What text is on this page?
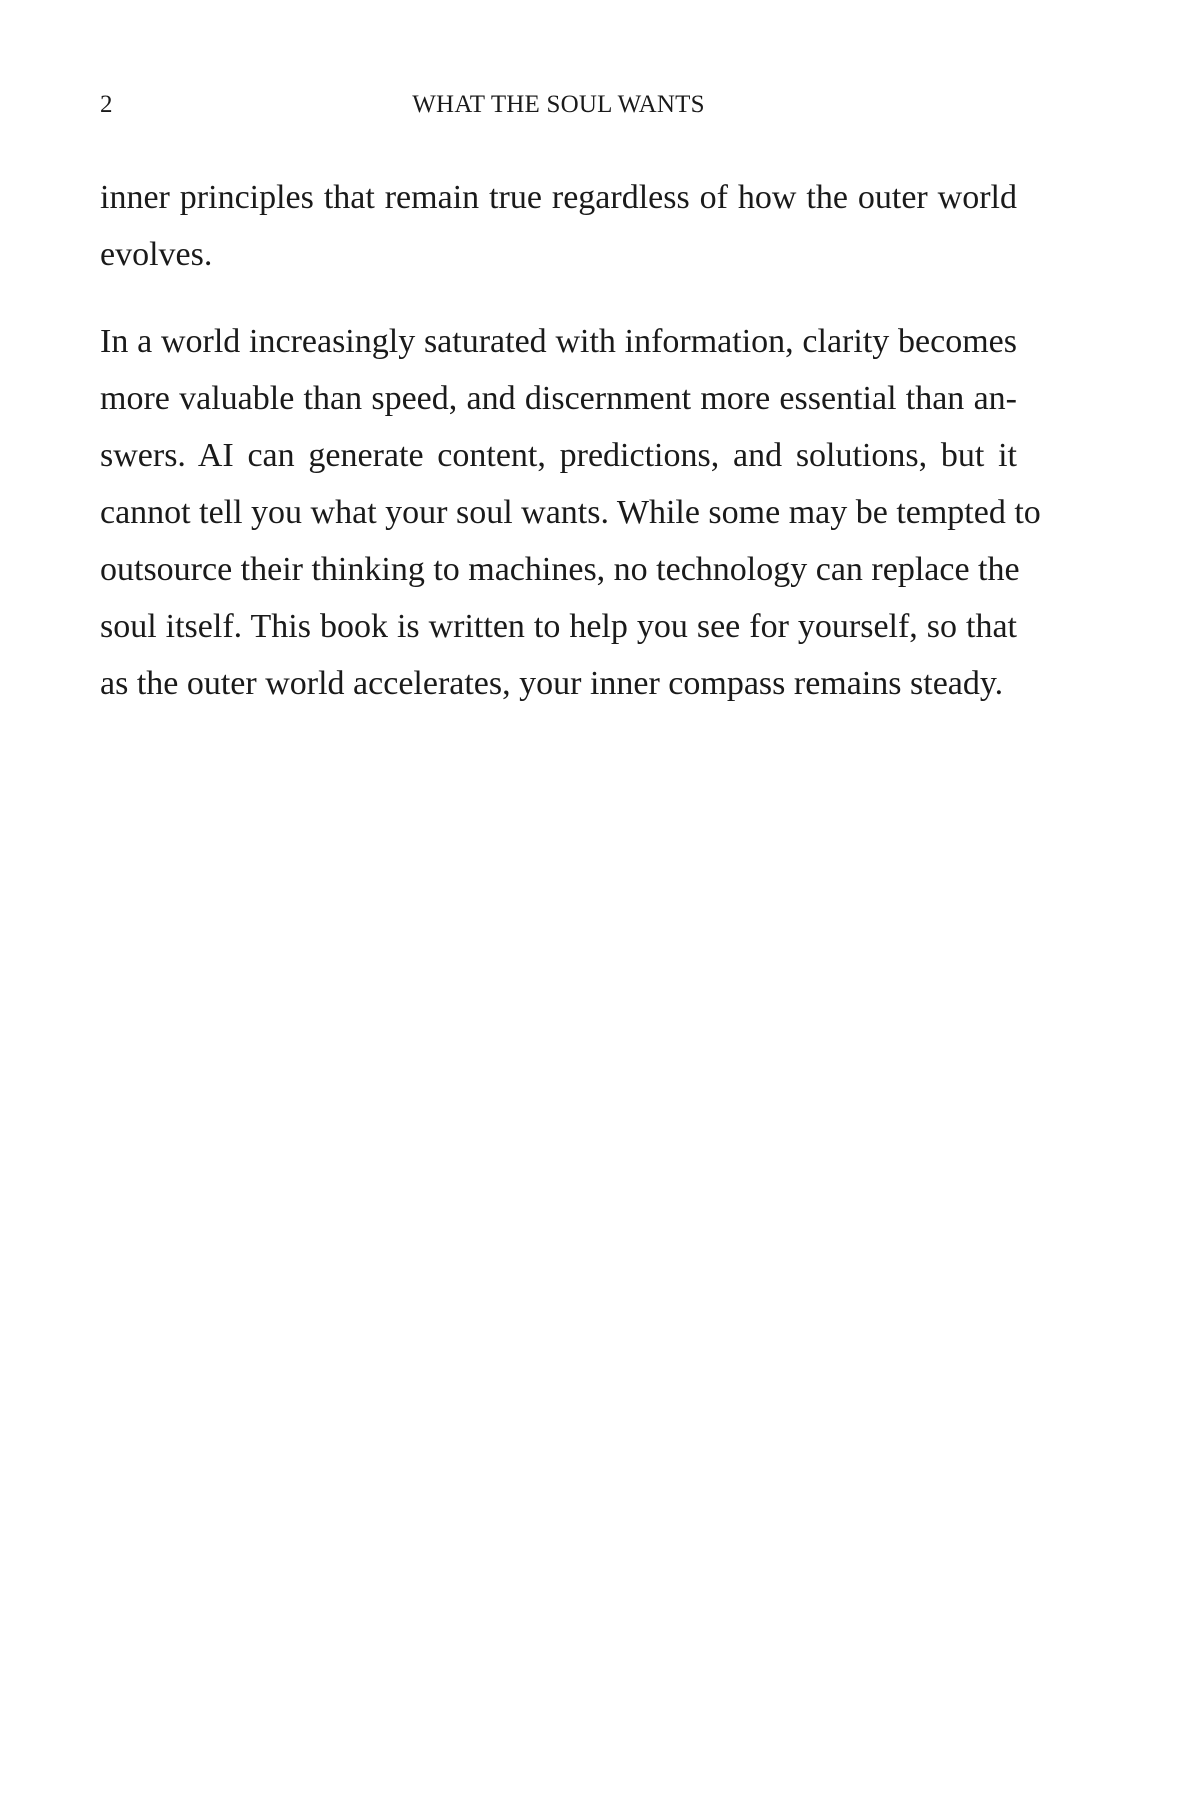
2	WHAT THE SOUL WANTS
inner principles that remain true regardless of how the outer world
evolves.
In a world increasingly saturated with information, clarity becomes
more valuable than speed, and discernment more essential than an-
swers. AI can generate content, predictions, and solutions, but it
cannot tell you what your soul wants. While some may be tempted to
outsource their thinking to machines, no technology can replace the
soul itself. This book is written to help you see for yourself, so that
as the outer world accelerates, your inner compass remains steady.
